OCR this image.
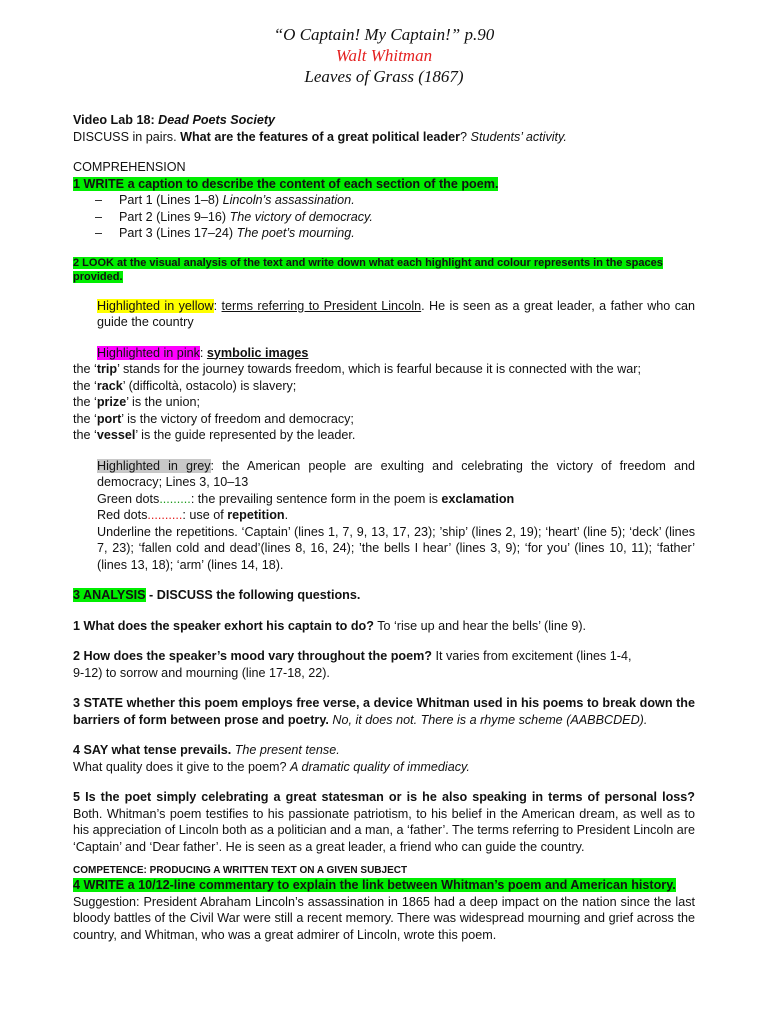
“O Captain! My Captain!” p.90
Walt Whitman
Leaves of Grass (1867)

Video Lab 18: Dead Poets Society

DISCUSS in pairs. What are the features of a great political leader? Students’ activity.

COMPREHENSION

1 WRITE a caption to describe the content of each section of the poem.

– Part 1 (Lines 1–8) Lincoln’s assassination.
– Part 2 (Lines 9–16) The victory of democracy.
– Part 3 (Lines 17–24) The poet’s mourning.

2 LOOK at the visual analysis of the text and write down what each highlight and colour represents in the spaces provided.

Highlighted in yellow: terms referring to President Lincoln. He is seen as a great leader, a father who can guide the country

Highlighted in pink: symbolic images

the ‘trip’ stands for the journey towards freedom, which is fearful because it is connected with the war;

the ‘rack’ (difficoltà, ostacolo) is slavery;

the ‘prize’ is the union;

the ‘port’ is the victory of freedom and democracy;

the ‘vessel’ is the guide represented by the leader.

Highlighted in grey: the American people are exulting and celebrating the victory of freedom and democracy; Lines 3, 10–13

Green dots.........: the prevailing sentence form in the poem is exclamation

Red dots..........: use of repetition.

Underline the repetitions. ‘Captain’ (lines 1, 7, 9, 13, 17, 23); ’ship’ (lines 2, 19); ‘heart’ (line 5); ‘deck’ (lines 7, 23); ‘fallen cold and dead’(lines 8, 16, 24); ’the bells I hear’ (lines 3, 9); ‘for you’ (lines 10, 11); ‘father’ (lines 13, 18); ‘arm’ (lines 14, 18).

3 ANALYSIS - DISCUSS the following questions.

1 What does the speaker exhort his captain to do? To ‘rise up and hear the bells’ (line 9).

2 How does the speaker’s mood vary throughout the poem? It varies from excitement (lines 1-4,

9-12) to sorrow and mourning (line 17-18, 22).

3 STATE whether this poem employs free verse, a device Whitman used in his poems to break down the barriers of form between prose and poetry. No, it does not. There is a rhyme scheme (AABBCDED).

4 SAY what tense prevails. The present tense.

What quality does it give to the poem? A dramatic quality of immediacy.

5 Is the poet simply celebrating a great statesman or is he also speaking in terms of personal loss? Both. Whitman’s poem testifies to his passionate patriotism, to his belief in the American dream, as well as to his appreciation of Lincoln both as a politician and a man, a ‘father’. The terms referring to President Lincoln are ‘Captain’ and ‘Dear father’. He is seen as a great leader, a friend who can guide the country.

COMPETENCE: PRODUCING A WRITTEN TEXT ON A GIVEN SUBJECT

4 WRITE a 10/12-line commentary to explain the link between Whitman’s poem and American history.

Suggestion: President Abraham Lincoln’s assassination in 1865 had a deep impact on the nation since the last bloody battles of the Civil War were still a recent memory. There was widespread mourning and grief across the country, and Whitman, who was a great admirer of Lincoln, wrote this poem.
